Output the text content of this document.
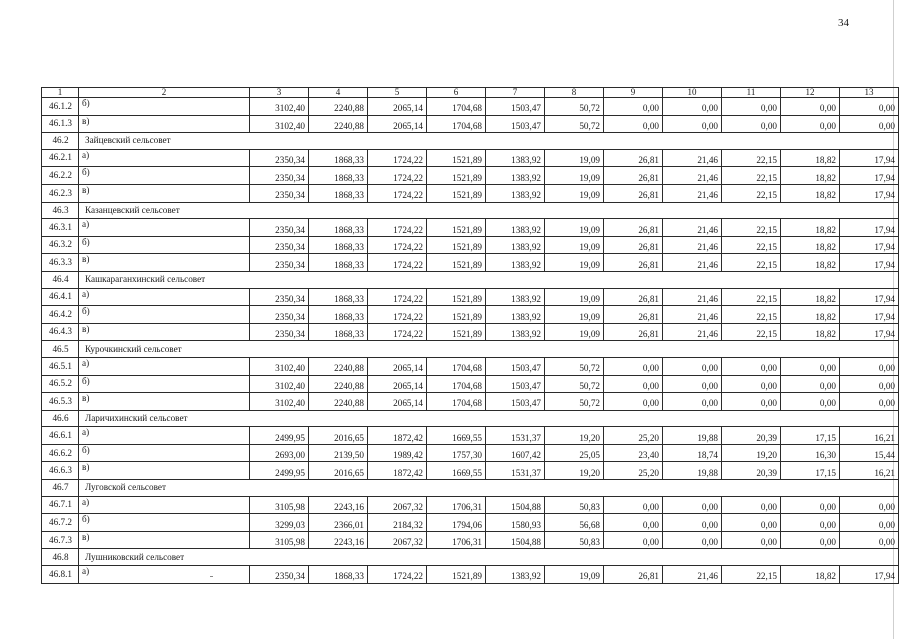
34
1	2	3	4	5	6	7	8	9	10	11	12	13
46.1.2	б)	3102,40	2240,88	2065,14	1704,68	1503,47	50,72	0,00	0,00	0,00	0,00	0,00
46.1.3	в)	3102,40	2240,88	2065,14	1704,68	1503,47	50,72	0,00	0,00	0,00	0,00	0,00
46.2	Зайцевский сельсовет											
46.2.1	а)	2350,34	1868,33	1724,22	1521,89	1383,92	19,09	26,81	21,46	22,15	18,82	17,94
46.2.2	б)	2350,34	1868,33	1724,22	1521,89	1383,92	19,09	26,81	21,46	22,15	18,82	17,94
46.2.3	в)	2350,34	1868,33	1724,22	1521,89	1383,92	19,09	26,81	21,46	22,15	18,82	17,94
46.3	Казанцевский сельсовет											
46.3.1	а)	2350,34	1868,33	1724,22	1521,89	1383,92	19,09	26,81	21,46	22,15	18,82	17,94
46.3.2	б)	2350,34	1868,33	1724,22	1521,89	1383,92	19,09	26,81	21,46	22,15	18,82	17,94
46.3.3	в)	2350,34	1868,33	1724,22	1521,89	1383,92	19,09	26,81	21,46	22,15	18,82	17,94
46.4	Кашкараганхинский сельсовет											
46.4.1	а)	2350,34	1868,33	1724,22	1521,89	1383,92	19,09	26,81	21,46	22,15	18,82	17,94
46.4.2	б)	2350,34	1868,33	1724,22	1521,89	1383,92	19,09	26,81	21,46	22,15	18,82	17,94
46.4.3	в)	2350,34	1868,33	1724,22	1521,89	1383,92	19,09	26,81	21,46	22,15	18,82	17,94
46.5	Курочкинский сельсовет											
46.5.1	а)	3102,40	2240,88	2065,14	1704,68	1503,47	50,72	0,00	0,00	0,00	0,00	0,00
46.5.2	б)	3102,40	2240,88	2065,14	1704,68	1503,47	50,72	0,00	0,00	0,00	0,00	0,00
46.5.3	в)	3102,40	2240,88	2065,14	1704,68	1503,47	50,72	0,00	0,00	0,00	0,00	0,00
46.6	Ларичихинский сельсовет											
46.6.1	а)	2499,95	2016,65	1872,42	1669,55	1531,37	19,20	25,20	19,88	20,39	17,15	16,21
46.6.2	б)	2693,00	2139,50	1989,42	1757,30	1607,42	25,05	23,40	18,74	19,20	16,30	15,44
46.6.3	в)	2499,95	2016,65	1872,42	1669,55	1531,37	19,20	25,20	19,88	20,39	17,15	16,21
46.7	Луговской сельсовет											
46.7.1	а)	3105,98	2243,16	2067,32	1706,31	1504,88	50,83	0,00	0,00	0,00	0,00	0,00
46.7.2	б)	3299,03	2366,01	2184,32	1794,06	1580,93	56,68	0,00	0,00	0,00	0,00	0,00
46.7.3	в)	3105,98	2243,16	2067,32	1706,31	1504,88	50,83	0,00	0,00	0,00	0,00	0,00
46.8	Лушниковский сельсовет											
46.8.1	а)	2350,34	1868,33	1724,22	1521,89	1383,92	19,09	26,81	21,46	22,15	18,82	17,94
